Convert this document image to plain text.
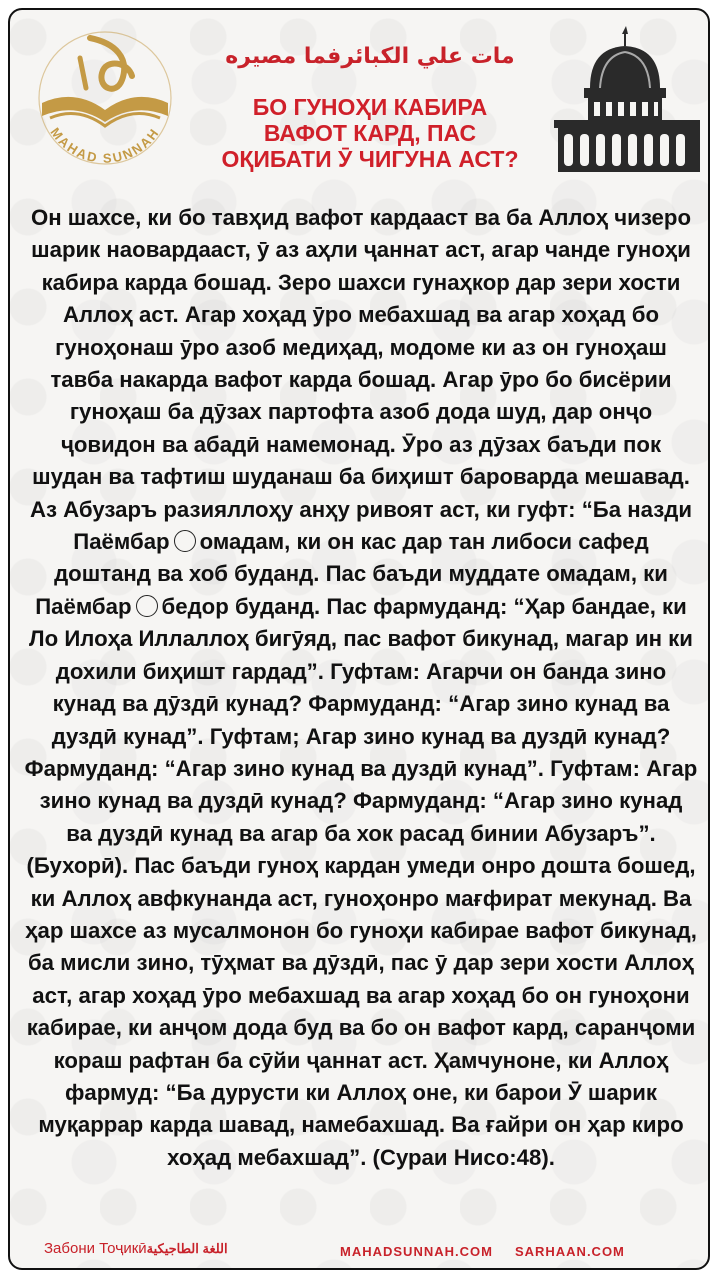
MAHAD SUNNAH
مات علي الكبائرفما مصيره
БО ГУНОҲИ КАБИРА
ВАФОТ КАРД, ПАС
ОҚИБАТИ Ӯ ЧИГУНА АСТ?
Он шахсе, ки бо тавҳид вафот кардааст ва ба Аллоҳ чизеро шарик наовардааст, ӯ аз аҳли ҷаннат аст, агар чанде гуноҳи кабира карда бошад. Зеро шахси гунаҳкор дар зери хости Аллоҳ аст. Агар хоҳад ӯро мебахшад ва агар хоҳад бо гуноҳонаш ӯро азоб медиҳад, модоме ки аз он гуноҳаш тавба накарда вафот карда бошад. Агар ӯро бо бисёрии гуноҳаш ба дӯзах партофта азоб дода шуд, дар онҷо ҷовидон ва абадӣ намемонад. Ӯро аз дӯзах баъди пок шудан ва тафтиш шуданаш ба биҳишт бароварда мешавад. Аз Абузаръ разияллоҳу анҳу ривоят аст, ки гуфт: “Ба назди Паёмбар омадам, ки он кас дар тан либоси сафед доштанд ва хоб буданд. Пас баъди муддате омадам, ки Паёмбар бедор буданд. Пас фармуданд: “Ҳар бандае, ки Ло Илоҳа Иллаллоҳ бигӯяд, пас вафот бикунад, магар ин ки дохили биҳишт гардад”. Гуфтам: Агарчи он банда зино кунад ва дӯздӣ кунад? Фармуданд: “Агар зино кунад ва дуздӣ кунад”. Гуфтам; Агар зино кунад ва дуздӣ кунад? Фармуданд: “Агар зино кунад ва дуздӣ кунад”. Гуфтам: Агар зино кунад ва дуздӣ кунад? Фармуданд: “Агар зино кунад ва дуздӣ кунад ва агар ба хок расад бинии Абузаръ”. (Бухорӣ). Пас баъди гуноҳ кардан умеди онро дошта бошед, ки Аллоҳ авфкунанда аст, гуноҳонро мағфират мекунад. Ва ҳар шахсе аз мусалмонон бо гуноҳи кабирае вафот бикунад, ба мисли зино, тӯҳмат ва дӯздӣ, пас ӯ дар зери хости Аллоҳ аст, агар хоҳад ӯро мебахшад ва агар хоҳад бо он гуноҳони кабирае, ки анҷом дода буд ва бо он вафот кард, саранҷоми кораш рафтан ба сӯйи ҷаннат аст. Ҳамчуноне, ки Аллоҳ фармуд: “Ба дурусти ки Аллоҳ оне, ки барои Ӯ шарик муқаррар карда шавад, намебахшад. Ва ғайри он ҳар киро хоҳад мебахшад”. (Сураи Нисо:48).
Забони Тоҷикӣاللغة الطاجيكية	MAHADSUNNAH.COM SARHAAN.COM
